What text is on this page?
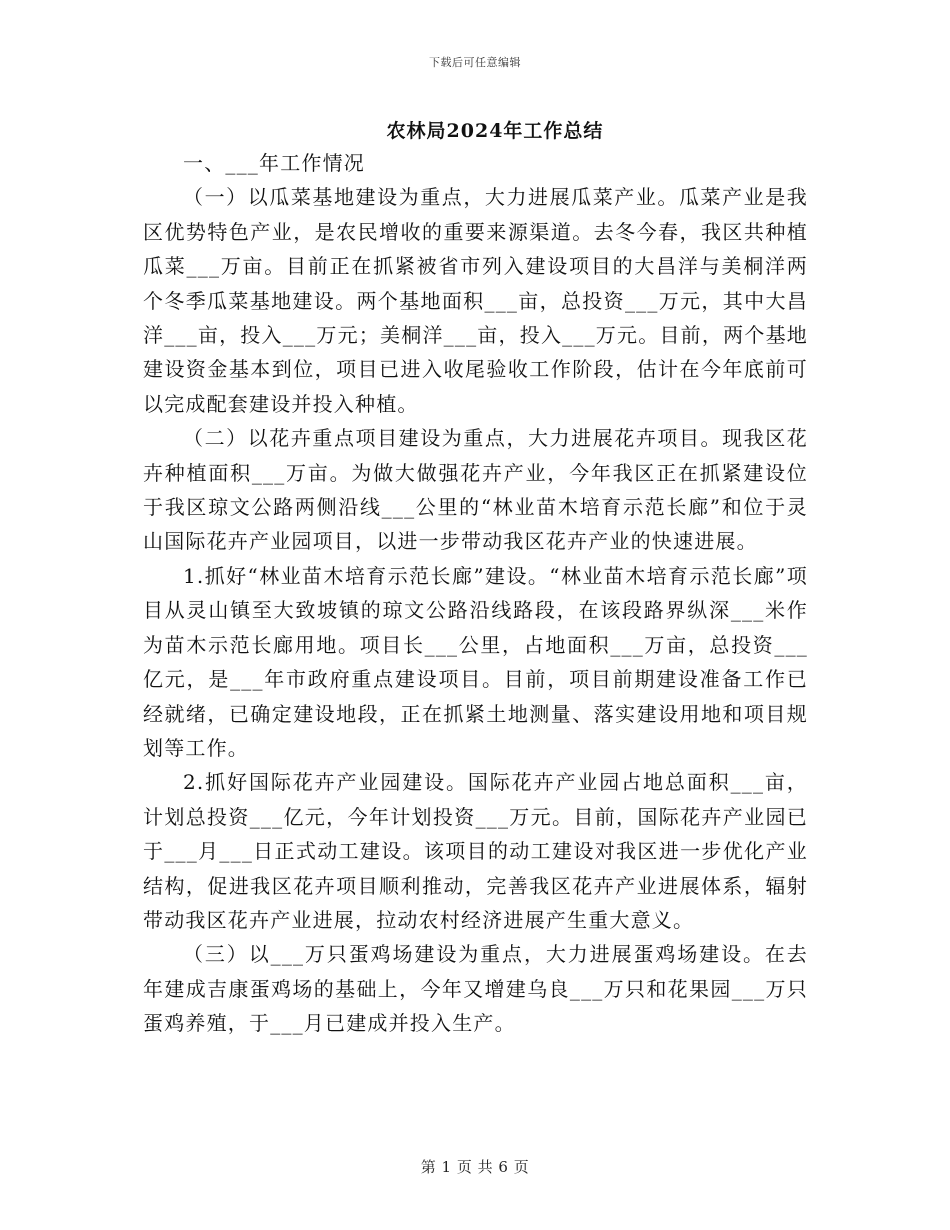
下载后可任意编辑
农林局2024年工作总结

一、___年工作情况

（一）以瓜菜基地建设为重点，大力进展瓜菜产业。瓜菜产业是我区优势特色产业，是农民增收的重要来源渠道。去冬今春，我区共种植瓜菜___万亩。目前正在抓紧被省市列入建设项目的大昌洋与美桐洋两个冬季瓜菜基地建设。两个基地面积___亩，总投资___万元，其中大昌洋___亩，投入___万元；美桐洋___亩，投入___万元。目前，两个基地建设资金基本到位，项目已进入收尾验收工作阶段，估计在今年底前可以完成配套建设并投入种植。

（二）以花卉重点项目建设为重点，大力进展花卉项目。现我区花卉种植面积___万亩。为做大做强花卉产业，今年我区正在抓紧建设位于我区琼文公路两侧沿线___公里的“林业苗木培育示范长廊”和位于灵山国际花卉产业园项目，以进一步带动我区花卉产业的快速进展。

1.抓好“林业苗木培育示范长廊”建设。“林业苗木培育示范长廊”项目从灵山镇至大致坡镇的琼文公路沿线路段，在该段路界纵深___米作为苗木示范长廊用地。项目长___公里，占地面积___万亩，总投资___亿元，是___年市政府重点建设项目。目前，项目前期建设准备工作已经就绪，已确定建设地段，正在抓紧土地测量、落实建设用地和项目规划等工作。

2.抓好国际花卉产业园建设。国际花卉产业园占地总面积___亩，计划总投资___亿元，今年计划投资___万元。目前，国际花卉产业园已于___月___日正式动工建设。该项目的动工建设对我区进一步优化产业结构，促进我区花卉项目顺利推动，完善我区花卉产业进展体系，辐射带动我区花卉产业进展，拉动农村经济进展产生重大意义。

（三）以___万只蛋鸡场建设为重点，大力进展蛋鸡场建设。在去年建成吉康蛋鸡场的基础上，今年又增建乌良___万只和花果园___万只蛋鸡养殖，于___月已建成并投入生产。

第 1 页 共 6 页
